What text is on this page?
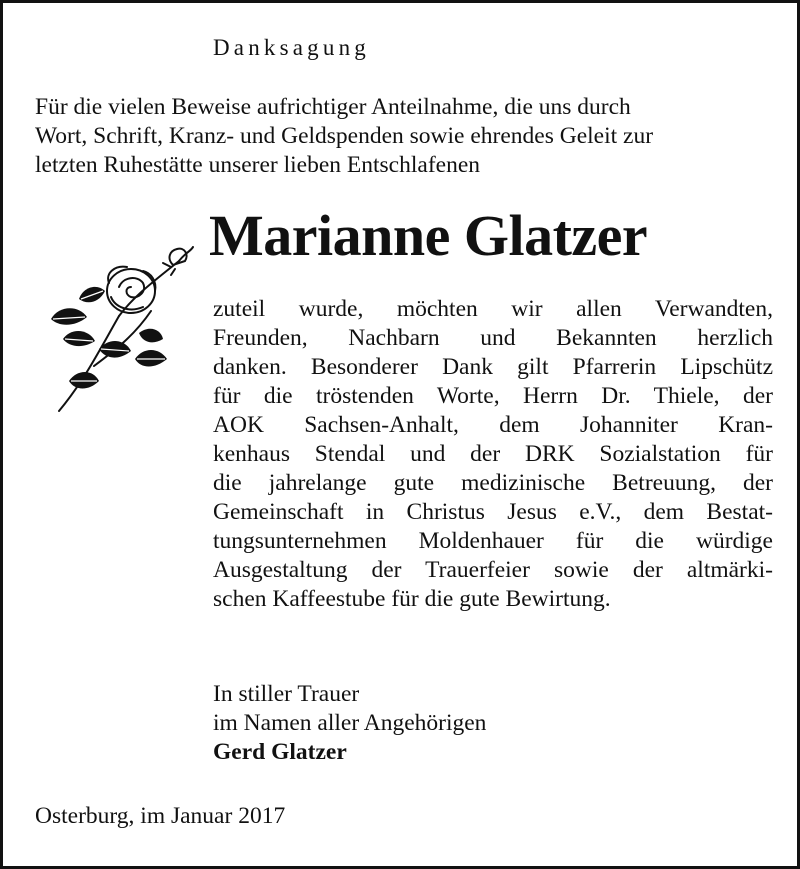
Danksagung
Für die vielen Beweise aufrichtiger Anteilnahme, die uns durch
Wort, Schrift, Kranz- und Geldspenden sowie ehrendes Geleit zur
letzten Ruhestätte unserer lieben Entschlafenen
Marianne Glatzer
zuteil wurde, möchten wir allen Verwandten,
Freunden, Nachbarn und Bekannten herzlich
danken. Besonderer Dank gilt Pfarrerin Lipschütz
für die tröstenden Worte, Herrn Dr. Thiele, der
AOK Sachsen-Anhalt, dem Johanniter Kran-
kenhaus Stendal und der DRK Sozialstation für
die jahrelange gute medizinische Betreuung, der
Gemeinschaft in Christus Jesus e.V., dem Bestat-
tungsunternehmen Moldenhauer für die würdige
Ausgestaltung der Trauerfeier sowie der altmärki-
schen Kaffeestube für die gute Bewirtung.
In stiller Trauer
im Namen aller Angehörigen
Gerd Glatzer
Osterburg, im Januar 2017
